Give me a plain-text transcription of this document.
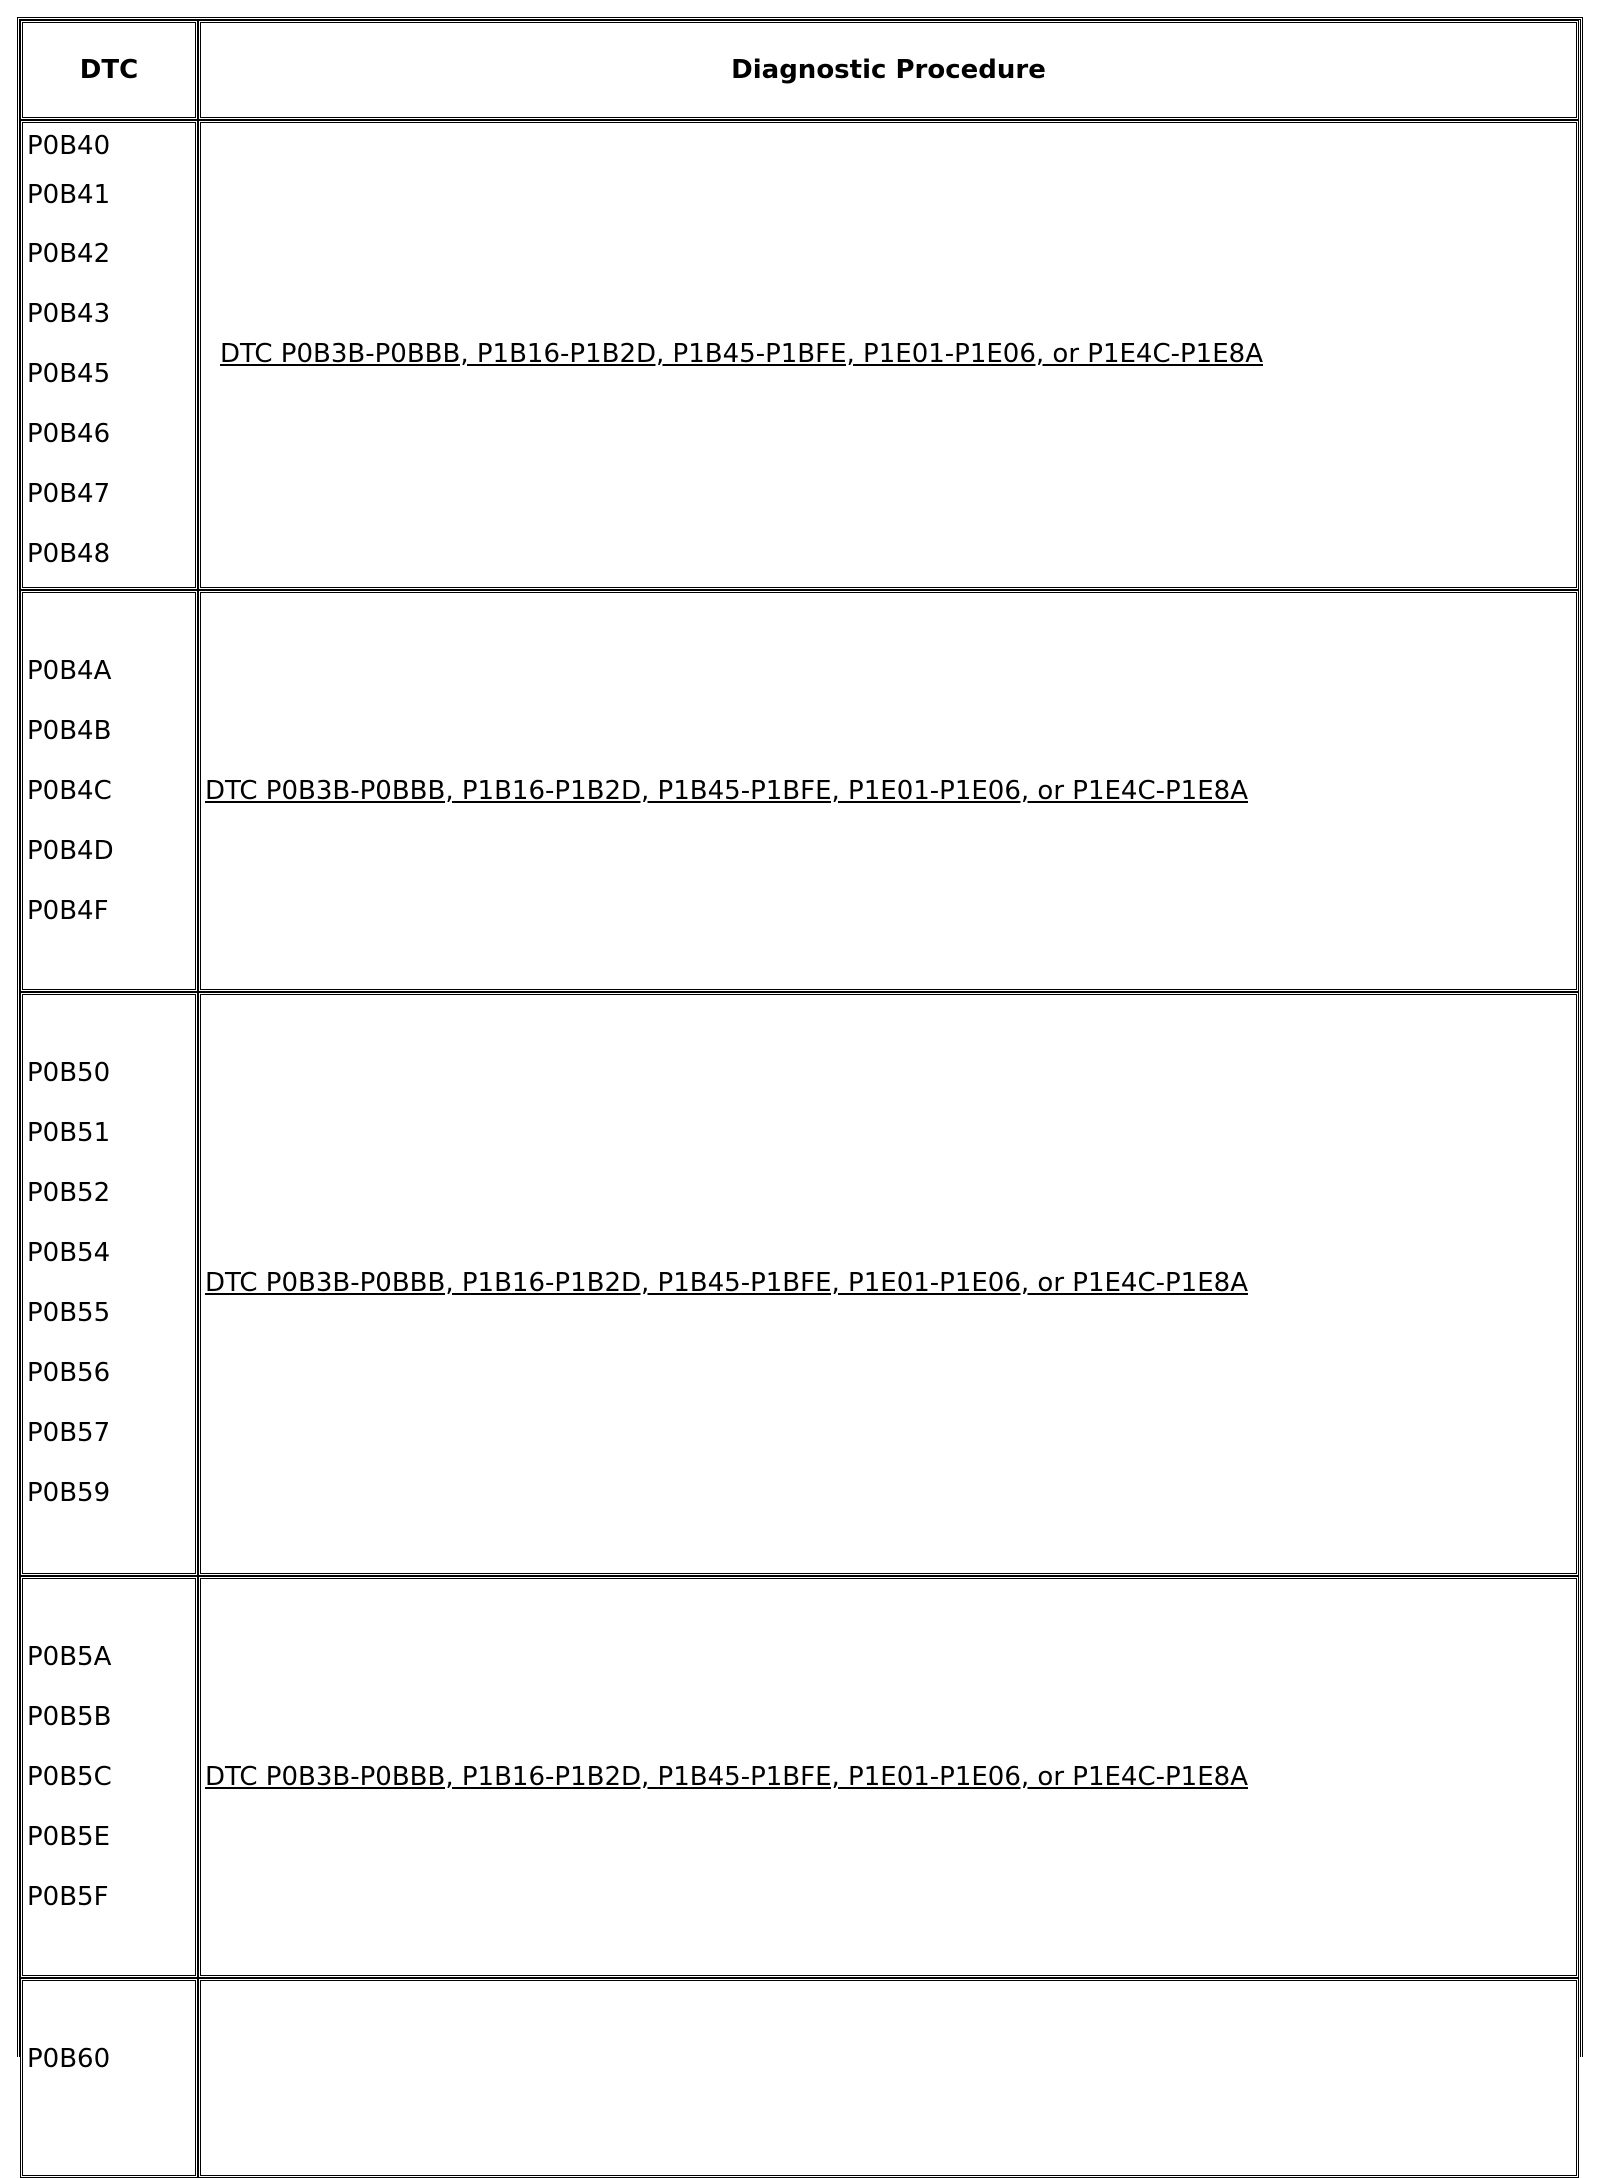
DTC	Diagnostic Procedure
P0B40
P0B41
P0B42
P0B43
P0B45
P0B46
P0B47
P0B48
DTC P0B3B-P0BBB, P1B16-P1B2D, P1B45-P1BFE, P1E01-P1E06, or P1E4C-P1E8A
P0B4A
P0B4B
P0B4C
P0B4D
P0B4F
DTC P0B3B-P0BBB, P1B16-P1B2D, P1B45-P1BFE, P1E01-P1E06, or P1E4C-P1E8A
P0B50
P0B51
P0B52
P0B54
P0B55
P0B56
P0B57
P0B59
DTC P0B3B-P0BBB, P1B16-P1B2D, P1B45-P1BFE, P1E01-P1E06, or P1E4C-P1E8A
P0B5A
P0B5B
P0B5C
P0B5E
P0B5F
DTC P0B3B-P0BBB, P1B16-P1B2D, P1B45-P1BFE, P1E01-P1E06, or P1E4C-P1E8A
P0B60
